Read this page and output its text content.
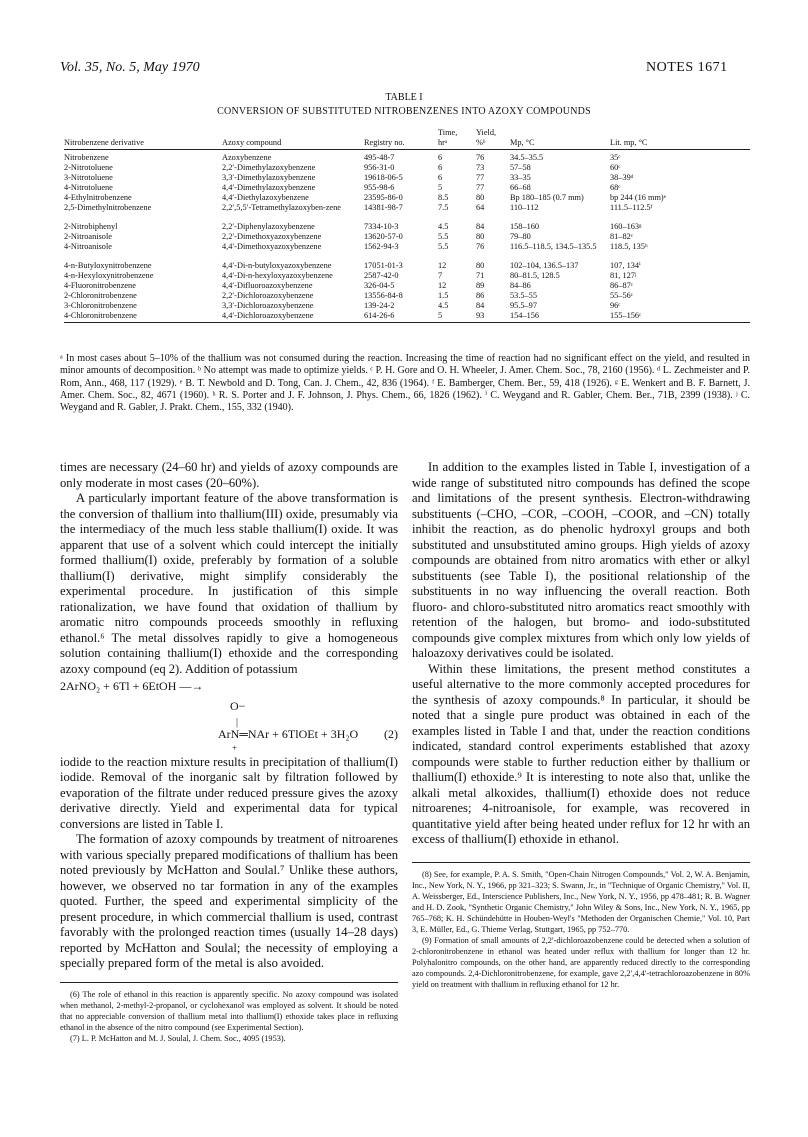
Vol. 35, No. 5, May 1970	NOTES 1671
TABLE I
CONVERSION OF SUBSTITUTED NITROBENZENES INTO AZOXY COMPOUNDS
			Time,	Yield,		
Nitrobenzene derivative	Azoxy compound	Registry no.	hrᵃ	%ᵇ	Mp, °C	Lit. mp, °C
Nitrobenzene	Azoxybenzene	495-48-7	6	76	34.5–35.5	35ᶜ
2-Nitrotoluene	2,2′-Dimethylazoxybenzene	956-31-0	6	73	57–58	60ᶜ
3-Nitrotoluene	3,3′-Dimethylazoxybenzene	19618-06-5	6	77	33–35	38–39ᵈ
4-Nitrotoluene	4,4′-Dimethylazoxybenzene	955-98-6	5	77	66–68	68ᶜ
4-Ethylnitrobenzene	4,4′-Diethylazoxybenzene	23595-86-0	8.5	80	Bp 180–185 (0.7 mm)	bp 244 (16 mm)ᵉ
2,5-Dimethylnitrobenzene	2,2′,5,5′-Tetramethylazoxyben-zene	14381-98-7	7.5	64	110–112	111.5–112.5ᶠ
2-Nitrobiphenyl	2,2′-Diphenylazoxybenzene	7334-10-3	4.5	84	158–160	160–163ᵍ
2-Nitroanisole	2,2′-Dimethoxyazoxybenzene	13620-57-0	5.5	80	79–80	81–82ᶜ
4-Nitroanisole	4,4′-Dimethoxyazoxybenzene	1562-94-3	5.5	76	116.5–118.5, 134.5–135.5	118.5, 135ʰ
4-n-Butyloxynitrobenzene	4,4′-Di-n-butyloxyazoxybenzene	17051-01-3	12	80	102–104, 136.5–137	107, 134ⁱ
4-n-Hexyloxynitrobenzene	4,4′-Di-n-hexyloxyazoxybenzene	2587-42-0	7	71	80–81.5, 128.5	81, 127ʲ
4-Fluoronitrobenzene	4,4′-Difluoroazoxybenzene	326-04-5	12	89	84–86	86–87ᶜ
2-Chloronitrobenzene	2,2′-Dichloroazoxybenzene	13556-84-8	1.5	86	53.5–55	55–56ᶜ
3-Chloronitrobenzene	3,3′-Dichloroazoxybenzene	139-24-2	4.5	84	95.5–97	96ᶜ
4-Chloronitrobenzene	4,4′-Dichloroazoxybenzene	614-26-6	5	93	154–156	155–156ᶜ
ᵃ In most cases about 5–10% of the thallium was not consumed during the reaction. Increasing the time of reaction had no significant effect on the yield, and resulted in minor amounts of decomposition. ᵇ No attempt was made to optimize yields. ᶜ P. H. Gore and O. H. Wheeler, J. Amer. Chem. Soc., 78, 2160 (1956). ᵈ L. Zechmeister and P. Rom, Ann., 468, 117 (1929). ᵉ B. T. Newbold and D. Tong, Can. J. Chem., 42, 836 (1964). ᶠ E. Bamberger, Chem. Ber., 59, 418 (1926). ᵍ E. Wenkert and B. F. Barnett, J. Amer. Chem. Soc., 82, 4671 (1960). ʰ R. S. Porter and J. F. Johnson, J. Phys. Chem., 66, 1826 (1962). ⁱ C. Weygand and R. Gabler, Chem. Ber., 71B, 2399 (1938). ʲ C. Weygand and R. Gabler, J. Prakt. Chem., 155, 332 (1940).

times are necessary (24–60 hr) and yields of azoxy compounds are only moderate in most cases (20–60%).

A particularly important feature of the above transformation is the conversion of thallium into thallium(III) oxide, presumably via the intermediacy of the much less stable thallium(I) oxide. It was apparent that use of a solvent which could intercept the initially formed thallium(I) oxide, preferably by formation of a soluble thallium(I) derivative, might simplify considerably the experimental procedure. In justification of this simple rationalization, we have found that oxidation of thallium by aromatic nitro compounds proceeds smoothly in refluxing ethanol.⁶ The metal dissolves rapidly to give a homogeneous solution containing thallium(I) ethoxide and the corresponding azoxy compound (eq 2). Addition of potassium

2ArNO₂ + 6Tl + 6EtOH —→
O−
|
ArN═NAr + 6TlOEt + 3H₂O (2)
+

iodide to the reaction mixture results in precipitation of thallium(I) iodide. Removal of the inorganic salt by filtration followed by evaporation of the filtrate under reduced pressure gives the azoxy derivative directly. Yield and experimental data for typical conversions are listed in Table I.

The formation of azoxy compounds by treatment of nitroarenes with various specially prepared modifications of thallium has been noted previously by McHatton and Soulal.⁷ Unlike these authors, however, we observed no tar formation in any of the examples quoted. Further, the speed and experimental simplicity of the present procedure, in which commercial thallium is used, contrast favorably with the prolonged reaction times (usually 14–28 days) reported by McHatton and Soulal; the necessity of employing a specially prepared form of the metal is also avoided.

(6) The role of ethanol in this reaction is apparently specific. No azoxy compound was isolated when methanol, 2-methyl-2-propanol, or cyclohexanol was employed as solvent. It should be noted that no appreciable conversion of thallium metal into thallium(I) ethoxide takes place in refluxing ethanol in the absence of the nitro compound (see Experimental Section).

(7) L. P. McHatton and M. J. Soulal, J. Chem. Soc., 4095 (1953).

In addition to the examples listed in Table I, investigation of a wide range of substituted nitro compounds has defined the scope and limitations of the present synthesis. Electron-withdrawing substituents (–CHO, –COR, –COOH, –COOR, and –CN) totally inhibit the reaction, as do phenolic hydroxyl groups and both substituted and unsubstituted amino groups. High yields of azoxy compounds are obtained from nitro aromatics with ether or alkyl substituents (see Table I), the positional relationship of the substituents in no way influencing the overall reaction. Both fluoro- and chloro-substituted nitro aromatics react smoothly with retention of the halogen, but bromo- and iodo-substituted compounds give complex mixtures from which only low yields of haloazoxy derivatives could be isolated.

Within these limitations, the present method constitutes a useful alternative to the more commonly accepted procedures for the synthesis of azoxy compounds.⁸ In particular, it should be noted that a single pure product was obtained in each of the examples listed in Table I and that, under the reaction conditions indicated, standard control experiments established that azoxy compounds were stable to further reduction either by thallium or thallium(I) ethoxide.⁹ It is interesting to note also that, unlike the alkali metal alkoxides, thallium(I) ethoxide does not reduce nitroarenes; 4-nitroanisole, for example, was recovered in quantitative yield after being heated under reflux for 12 hr with an excess of thallium(I) ethoxide in ethanol.

(8) See, for example, P. A. S. Smith, "Open-Chain Nitrogen Compounds," Vol. 2, W. A. Benjamin, Inc., New York, N. Y., 1966, pp 321–323; S. Swann, Jr., in "Technique of Organic Chemistry," Vol. II, A. Weissberger, Ed., Interscience Publishers, Inc., New York, N. Y., 1956, pp 478–481; R. B. Wagner and H. D. Zook, "Synthetic Organic Chemistry," John Wiley & Sons, Inc., New York, N. Y., 1965, pp 765–768; K. H. Schündehütte in Houben-Weyl's "Methoden der Organischen Chemie," Vol. 10, Part 3, E. Müller, Ed., G. Thieme Verlag, Stuttgart, 1965, pp 752–770.

(9) Formation of small amounts of 2,2′-dichloroazobenzene could be detected when a solution of 2-chloronitrobenzene in ethanol was heated under reflux with thallium for longer than 12 hr. Polyhalonitro compounds, on the other hand, are apparently reduced directly to the corresponding azo compounds. 2,4-Dichloronitrobenzene, for example, gave 2,2′,4,4′-tetrachloroazobenzene in 80% yield on treatment with thallium in refluxing ethanol for 12 hr.
